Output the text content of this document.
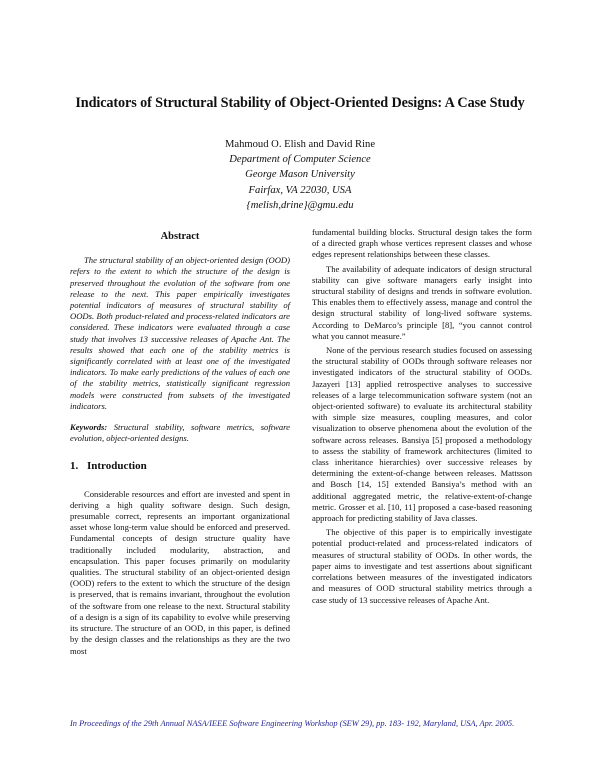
Indicators of Structural Stability of Object-Oriented Designs: A Case Study
Mahmoud O. Elish and David Rine
Department of Computer Science
George Mason University
Fairfax, VA 22030, USA
{melish,drine}@gmu.edu
Abstract
The structural stability of an object-oriented design (OOD) refers to the extent to which the structure of the design is preserved throughout the evolution of the software from one release to the next. This paper empirically investigates potential indicators of measures of structural stability of OODs. Both product-related and process-related indicators are considered. These indicators were evaluated through a case study that involves 13 successive releases of Apache Ant. The results showed that each one of the stability metrics is significantly correlated with at least one of the investigated indicators. To make early predictions of the values of each one of the stability metrics, statistically significant regression models were constructed from subsets of the investigated indicators.
Keywords: Structural stability, software metrics, software evolution, object-oriented designs.
1. Introduction
Considerable resources and effort are invested and spent in deriving a high quality software design. Such design, presumable correct, represents an important organizational asset whose long-term value should be enforced and preserved. Fundamental concepts of design structure quality have traditionally included modularity, abstraction, and encapsulation. This paper focuses primarily on modularity qualities. The structural stability of an object-oriented design (OOD) refers to the extent to which the structure of the design is preserved, that is remains invariant, throughout the evolution of the software from one release to the next. Structural stability of a design is a sign of its capability to evolve while preserving its structure. The structure of an OOD, in this paper, is defined by the design classes and the relationships as they are the two most
fundamental building blocks. Structural design takes the form of a directed graph whose vertices represent classes and whose edges represent relationships between these classes.
The availability of adequate indicators of design structural stability can give software managers early insight into structural stability of designs and trends in software evolution. This enables them to effectively assess, manage and control the design structural stability of long-lived software systems. According to DeMarco’s principle [8], “you cannot control what you cannot measure.”
None of the pervious research studies focused on assessing the structural stability of OODs through software releases nor investigated indicators of the structural stability of OODs. Jazayeri [13] applied retrospective analyses to successive releases of a large telecommunication software system (not an object-oriented software) to evaluate its architectural stability with simple size measures, coupling measures, and color visualization to observe phenomena about the evolution of the software across releases. Bansiya [5] proposed a methodology to assess the stability of framework architectures (limited to class inheritance hierarchies) over successive releases by determining the extent-of-change between releases. Mattsson and Bosch [14, 15] extended Bansiya’s method with an additional aggregated metric, the relative-extent-of-change metric. Grosser et al. [10, 11] proposed a case-based reasoning approach for predicting stability of Java classes.
The objective of this paper is to empirically investigate potential product-related and process-related indicators of measures of structural stability of OODs. In other words, the paper aims to investigate and test assertions about significant correlations between measures of the investigated indicators and measures of OOD structural stability metrics through a case study of 13 successive releases of Apache Ant.
In Proceedings of the 29th Annual NASA/IEEE Software Engineering Workshop (SEW 29), pp. 183- 192, Maryland, USA, Apr. 2005.
